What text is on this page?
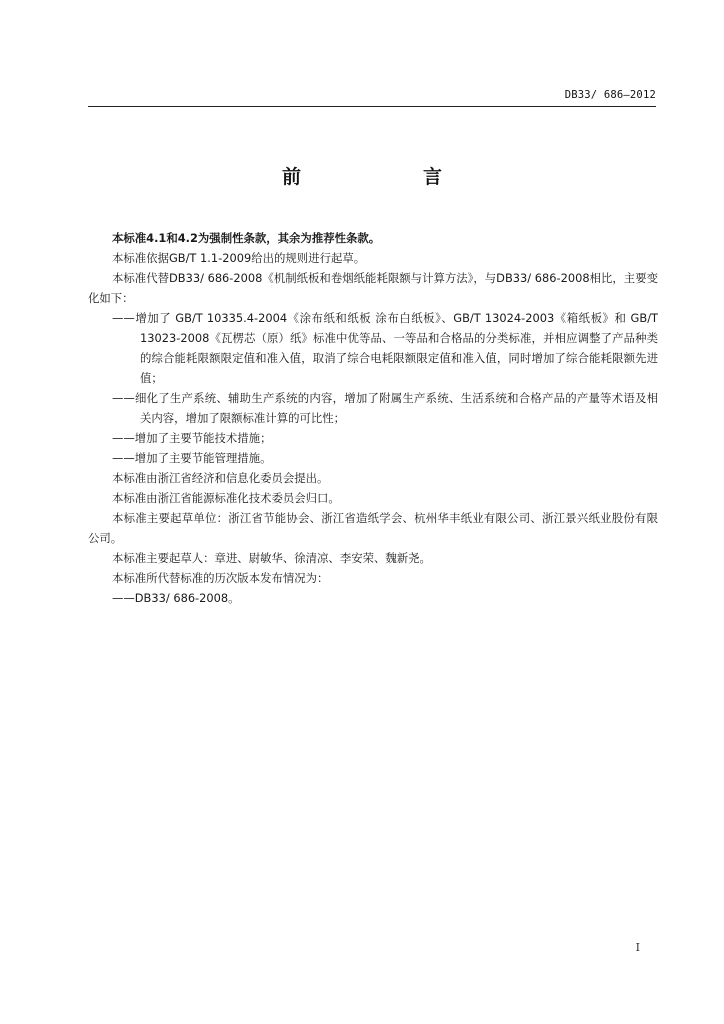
DB33/ 686—2012
前　　言

本标准4.1和4.2为强制性条款，其余为推荐性条款。

本标准依据GB/T 1.1-2009给出的规则进行起草。

本标准代替DB33/ 686-2008《机制纸板和卷烟纸能耗限额与计算方法》，与DB33/ 686-2008相比，主要变化如下：

——增加了 GB/T 10335.4-2004《涂布纸和纸板 涂布白纸板》、GB/T 13024-2003《箱纸板》和 GB/T 13023-2008《瓦楞芯（原）纸》标准中优等品、一等品和合格品的分类标准，并相应调整了产品种类的综合能耗限额限定值和准入值，取消了综合电耗限额限定值和准入值，同时增加了综合能耗限额先进值；

——细化了生产系统、辅助生产系统的内容，增加了附属生产系统、生活系统和合格产品的产量等术语及相关内容，增加了限额标准计算的可比性；

——增加了主要节能技术措施；

——增加了主要节能管理措施。

本标准由浙江省经济和信息化委员会提出。

本标准由浙江省能源标准化技术委员会归口。

本标准主要起草单位：浙江省节能协会、浙江省造纸学会、杭州华丰纸业有限公司、浙江景兴纸业股份有限公司。

本标准主要起草人：章进、尉敏华、徐清凉、李安荣、魏新尧。

本标准所代替标准的历次版本发布情况为：

——DB33/ 686-2008。

I
